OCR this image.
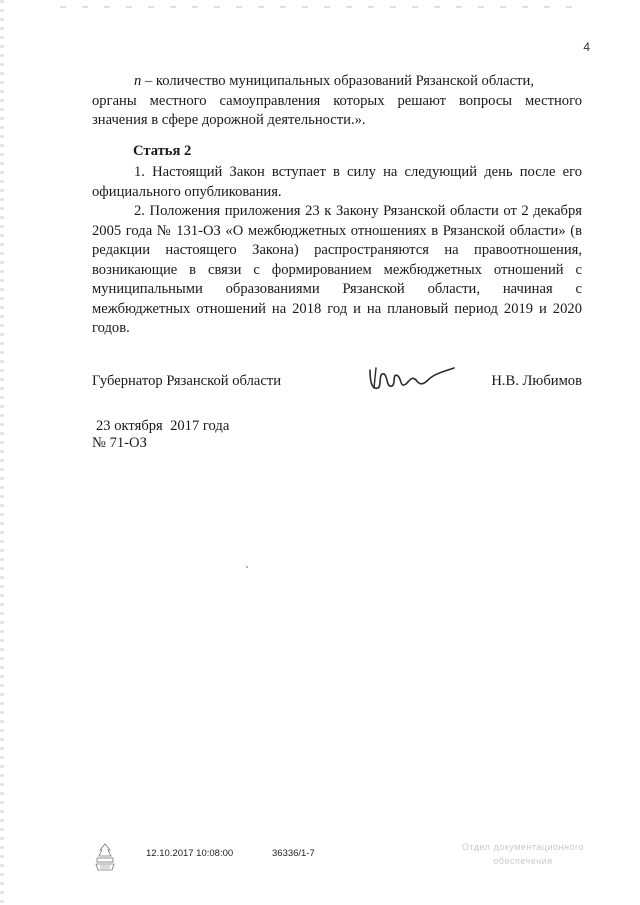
4

n – количество муниципальных образований Рязанской области,

органы местного самоуправления которых решают вопросы местного значения в сфере дорожной деятельности.».

Статья 2

1. Настоящий Закон вступает в силу на следующий день после его официального опубликования.

2. Положения приложения 23 к Закону Рязанской области от 2 декабря 2005 года № 131-ОЗ «О межбюджетных отношениях в Рязанской области» (в редакции настоящего Закона) распространяются на правоотношения, возникающие в связи с формированием межбюджетных отношений с муниципальными образованиями Рязанской области, начиная с межбюджетных отношений на 2018 год и на плановый период 2019 и 2020 годов.

Губернатор Рязанской области	Н.В. Любимов
23 октября  2017 года
№ 71-ОЗ
12.10.2017 10:08:00	36336/1-7
Отдел документационного
обеспечения
